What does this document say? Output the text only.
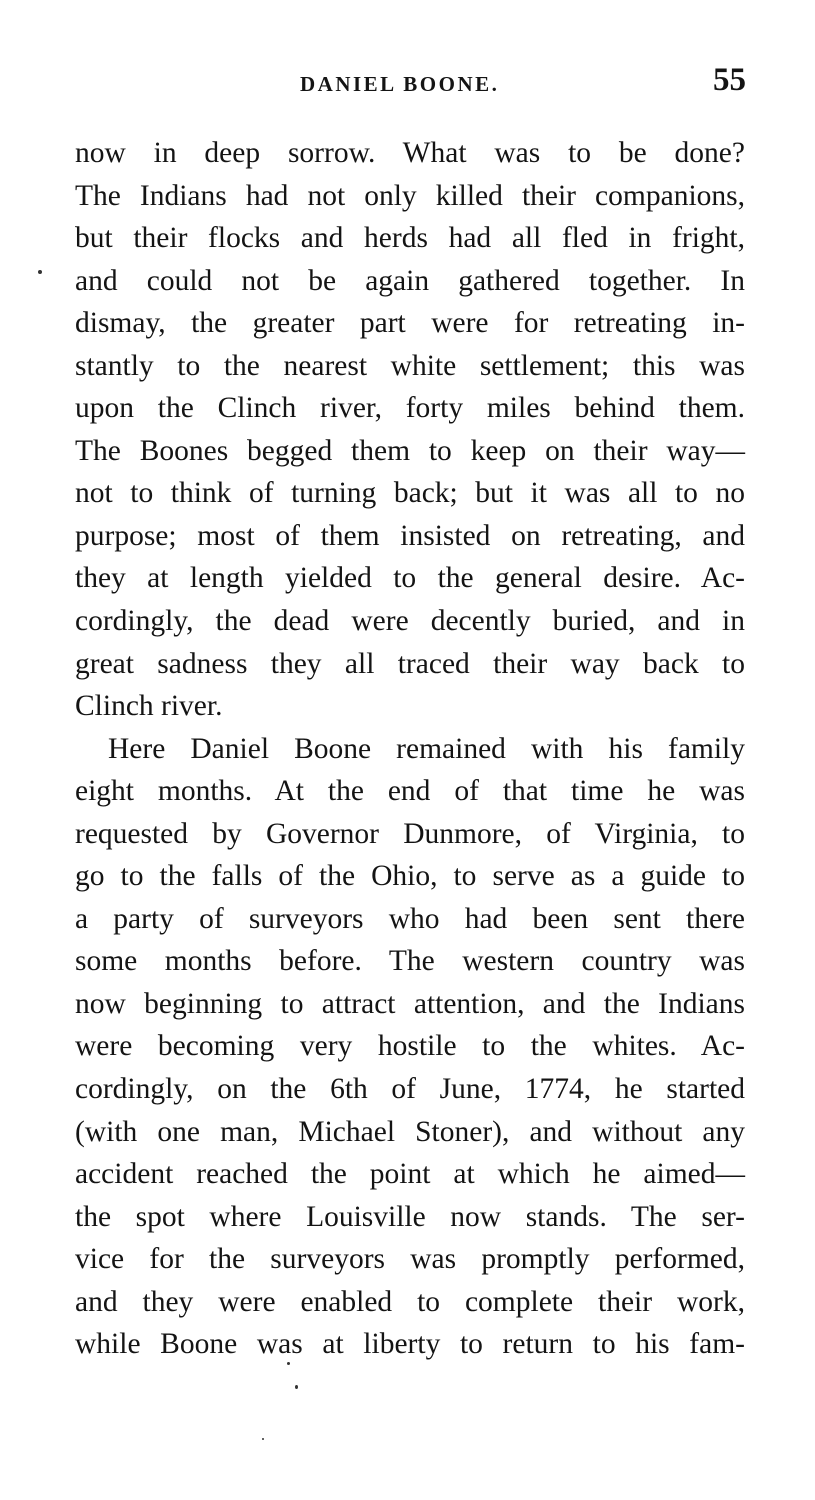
DANIEL BOONE.	55
now in deep sorrow. What was to be done?
The Indians had not only killed their companions,
but their flocks and herds had all fled in fright,
and could not be again gathered together. In
dismay, the greater part were for retreating in-
stantly to the nearest white settlement; this was
upon the Clinch river, forty miles behind them.
The Boones begged them to keep on their way—
not to think of turning back; but it was all to no
purpose; most of them insisted on retreating, and
they at length yielded to the general desire. Ac-
cordingly, the dead were decently buried, and in
great sadness they all traced their way back to
Clinch river.
Here Daniel Boone remained with his family
eight months. At the end of that time he was
requested by Governor Dunmore, of Virginia, to
go to the falls of the Ohio, to serve as a guide to
a party of surveyors who had been sent there
some months before. The western country was
now beginning to attract attention, and the Indians
were becoming very hostile to the whites. Ac-
cordingly, on the 6th of June, 1774, he started
(with one man, Michael Stoner), and without any
accident reached the point at which he aimed—
the spot where Louisville now stands. The ser-
vice for the surveyors was promptly performed,
and they were enabled to complete their work,
while Boone was at liberty to return to his fam-
